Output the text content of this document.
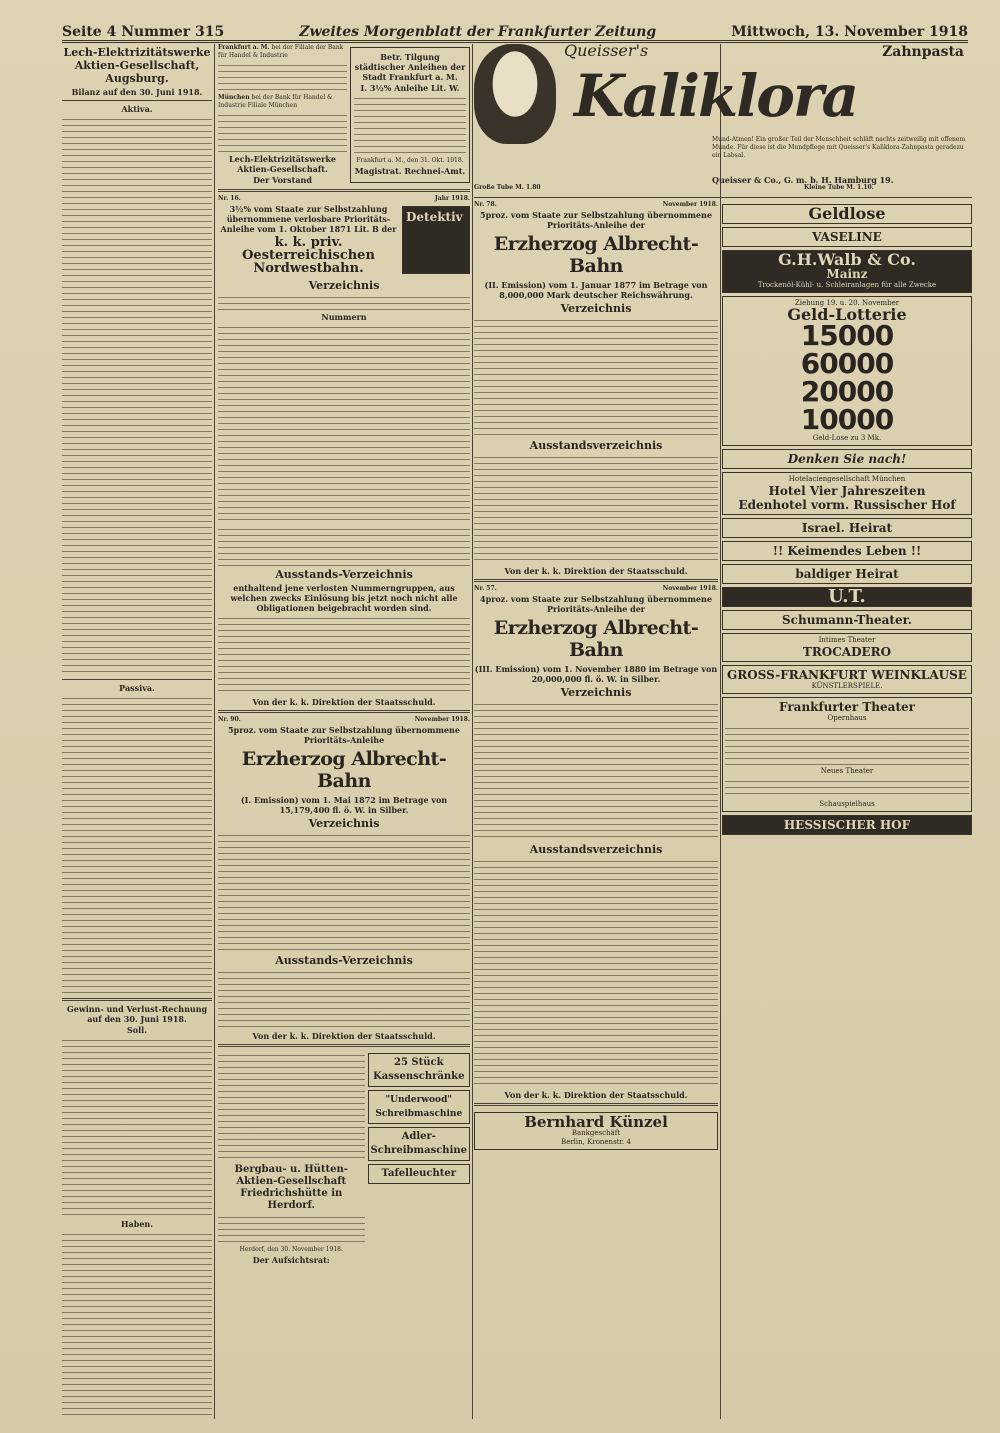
Seite 4 Nummer 315	Zweites Morgenblatt der Frankfurter Zeitung	Mittwoch, 13. November 1918
Lech-Elektrizitätswerke Aktien-Gesellschaft, Augsburg.
Bilanz auf den 30. Juni 1918.
Aktiva.
Passiva.
Gewinn- und Verlust-Rechnung auf den 30. Juni 1918.
Soll.
Haben.
Frankfurt a. M. bei der Filiale der Bank für Handel & Industrie
München bei der Bank für Handel & Industrie Filiale München
Lech-Elektrizitätswerke Aktien-Gesellschaft.
Der Vorstand
Betr. Tilgung städtischer Anleihen der Stadt Frankfurt a. M.
I. 3½% Anleihe Lit. W.
Frankfurt a. M., den 31. Okt. 1918.
Magistrat. Rechnei-Amt.
Nr. 16.	Jahr 1918.
3½% vom Staate zur Selbstzahlung übernommene verlosbare Prioritäts-Anleihe vom 1. Oktober 1871 Lit. B der
k. k. priv. Oesterreichischen Nordwestbahn.
Detektiv
Verzeichnis
Nummern
Ausstands-Verzeichnis
enthaltend jene verlosten Nummerngruppen, aus welchen zwecks Einlösung bis jetzt noch nicht alle Obligationen beigebracht worden sind.
Von der k. k. Direktion der Staatsschuld.
Nr. 90.	November 1918.
5proz. vom Staate zur Selbstzahlung übernommene Prioritäts-Anleihe
Erzherzog Albrecht-Bahn
(I. Emission) vom 1. Mai 1872 im Betrage von 15,179,400 fl. ö. W. in Silber.
Verzeichnis
Ausstands-Verzeichnis
Von der k. k. Direktion der Staatsschuld.
Bergbau- u. Hütten-Aktien-Gesellschaft Friedrichshütte in Herdorf.
Herdorf, den 30. November 1918.
Der Aufsichtsrat:
25 Stück Kassenschränke
"Underwood" Schreibmaschine
Adler-Schreibmaschine
Tafelleuchter
Queisser's	Zahnpasta
Kaliklora
Mund-Atmen! Ein großer Teil der Menschheit schläft nachts zeitweilig mit offenem Munde. Für diese ist die Mundpflege mit Queisser's Kaliklora-Zahnpasta geradezu ein Labsal.
Queisser & Co., G. m. b. H. Hamburg 19.
Große Tube M. 1.80	Kleine Tube M. 1.10.
Nr. 78.	November 1918.
5proz. vom Staate zur Selbstzahlung übernommene Prioritäts-Anleihe der
Erzherzog Albrecht-Bahn
(II. Emission) vom 1. Januar 1877 im Betrage von 8,000,000 Mark deutscher Reichswährung.
Verzeichnis
Ausstandsverzeichnis
Von der k. k. Direktion der Staatsschuld.
Nr. 57.	November 1918.
4proz. vom Staate zur Selbstzahlung übernommene Prioritäts-Anleihe der
Erzherzog Albrecht-Bahn
(III. Emission) vom 1. November 1880 im Betrage von 20,000,000 fl. ö. W. in Silber.
Verzeichnis
Ausstandsverzeichnis
Von der k. k. Direktion der Staatsschuld.
Bernhard Künzel
Bankgeschäft
Berlin, Kronenstr. 4
Geldlose
VASELINE
G.H.Walb & Co.
Mainz
Trockenöl-Kühl- u. Schleiranlagen für alle Zwecke
Ziehung 19. u. 20. November
Geld-Lotterie
15000
60000
20000
10000
Geld-Lose zu 3 Mk.
Denken Sie nach!
Hotelaciengesellschaft München
Hotel Vier Jahreszeiten
Edenhotel vorm. Russischer Hof
Israel. Heirat
!! Keimendes Leben !!
baldiger Heirat
U.T.
Schumann-Theater.
Intimes Theater
TROCADERO
GROSS-FRANKFURT WEINKLAUSE
KÜNSTLERSPIELE.
Frankfurter Theater
Opernhaus
Neues Theater
Schauspielhaus
HESSISCHER HOF
